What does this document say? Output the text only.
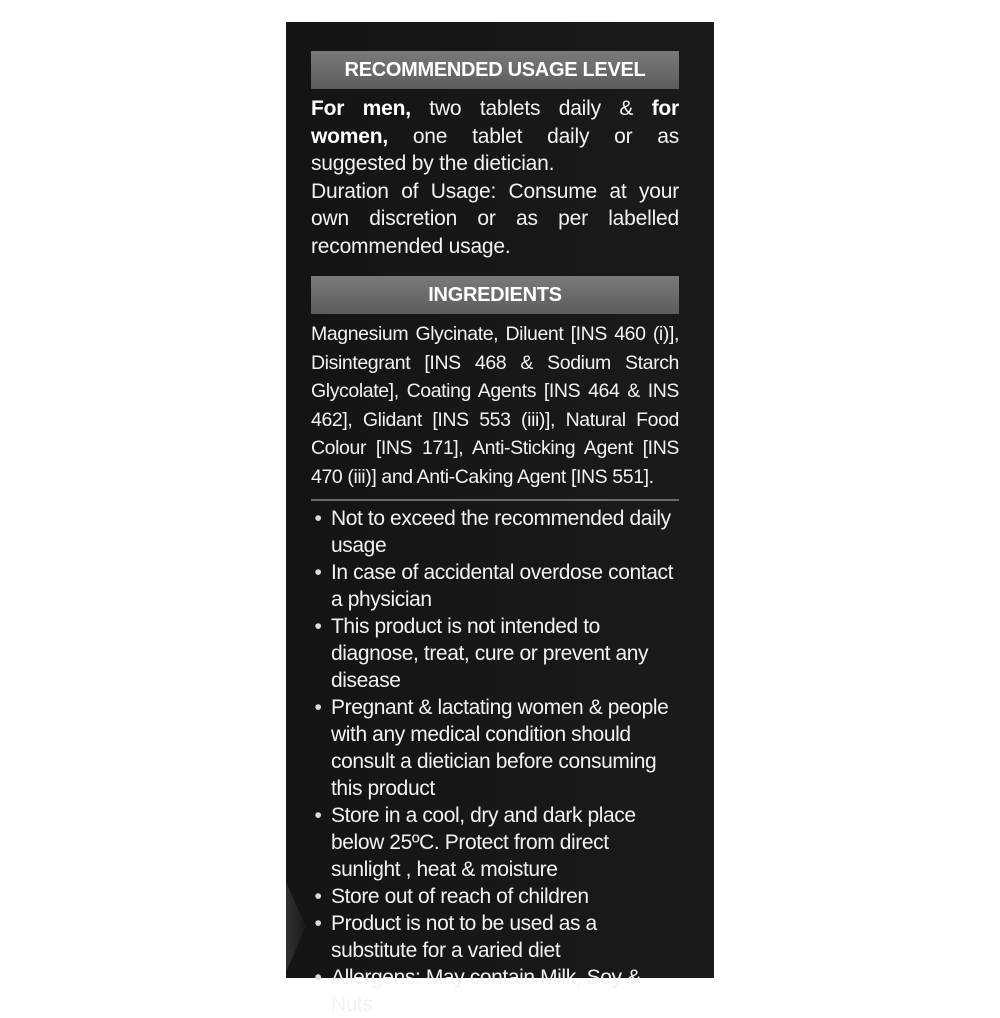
RECOMMENDED USAGE LEVEL
For men, two tablets daily & for women, one tablet daily or as suggested by the dietician.
Duration of Usage: Consume at your own discretion or as per labelled recommended usage.
INGREDIENTS
Magnesium Glycinate, Diluent [INS 460 (i)], Disintegrant [INS 468 & Sodium Starch Glycolate], Coating Agents [INS 464 & INS 462], Glidant [INS 553 (iii)], Natural Food Colour [INS 171], Anti-Sticking Agent [INS 470 (iii)] and Anti-Caking Agent [INS 551].
• Not to exceed the recommended daily usage
• In case of accidental overdose contact a physician
• This product is not intended to diagnose, treat, cure or prevent any disease
• Pregnant & lactating women & people with any medical condition should consult a dietician before consuming this product
• Store in a cool, dry and dark place below 25ºC. Protect from direct sunlight , heat & moisture
• Store out of reach of children
• Product is not to be used as a substitute for a varied diet
• Allergens: May contain Milk, Soy & Nuts
